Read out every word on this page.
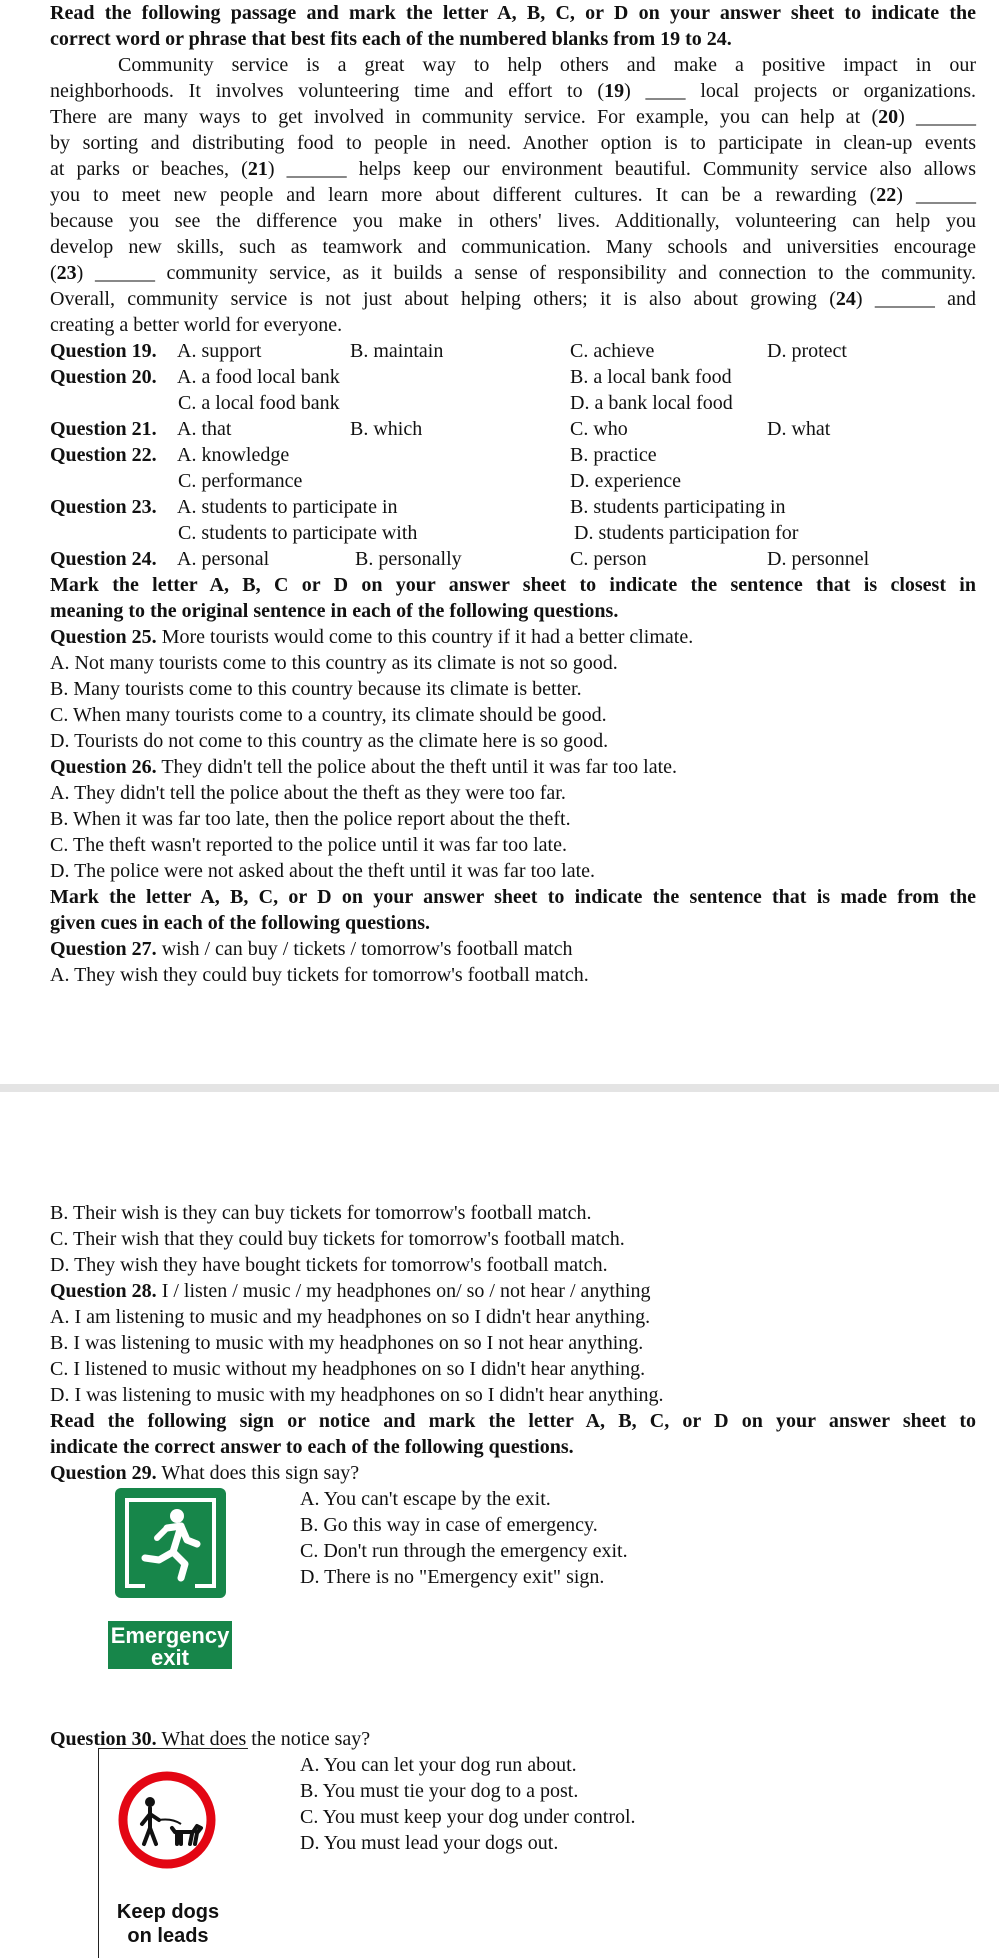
Read the following passage and mark the letter A, B, C, or D on your answer sheet to indicate the
correct word or phrase that best fits each of the numbered blanks from 19 to 24.
Community service is a great way to help others and make a positive impact in our
neighborhoods. It involves volunteering time and effort to (19) ____ local projects or organizations.
There are many ways to get involved in community service. For example, you can help at (20) ______
by sorting and distributing food to people in need. Another option is to participate in clean-up events
at parks or beaches, (21) ______ helps keep our environment beautiful. Community service also allows
you to meet new people and learn more about different cultures. It can be a rewarding (22) ______
because you see the difference you make in others' lives. Additionally, volunteering can help you
develop new skills, such as teamwork and communication. Many schools and universities encourage
(23) ______ community service, as it builds a sense of responsibility and connection to the community.
Overall, community service is not just about helping others; it is also about growing (24) ______ and
creating a better world for everyone.
Question 19. A. support	B. maintain	C. achieve	D. protect
Question 20. A. a food local bank	B. a local bank food
C. a local food bank	D. a bank local food
Question 21. A. that	B. which	C. who	D. what
Question 22. A. knowledge	B. practice
C. performance	D. experience
Question 23. A. students to participate in	B. students participating in
C. students to participate with	D. students participation for
Question 24. A. personal	B. personally	C. person	D. personnel
Mark the letter A, B, C or D on your answer sheet to indicate the sentence that is closest in
meaning to the original sentence in each of the following questions.
Question 25. More tourists would come to this country if it had a better climate.
A. Not many tourists come to this country as its climate is not so good.
B. Many tourists come to this country because its climate is better.
C. When many tourists come to a country, its climate should be good.
D. Tourists do not come to this country as the climate here is so good.
Question 26. They didn't tell the police about the theft until it was far too late.
A. They didn't tell the police about the theft as they were too far.
B. When it was far too late, then the police report about the theft.
C. The theft wasn't reported to the police until it was far too late.
D. The police were not asked about the theft until it was far too late.
Mark the letter A, B, C, or D on your answer sheet to indicate the sentence that is made from the
given cues in each of the following questions.
Question 27. wish / can buy / tickets / tomorrow's football match
A. They wish they could buy tickets for tomorrow's football match.
B. Their wish is they can buy tickets for tomorrow's football match.
C. Their wish that they could buy tickets for tomorrow's football match.
D. They wish they have bought tickets for tomorrow's football match.
Question 28. I / listen / music / my headphones on/ so / not hear / anything
A. I am listening to music and my headphones on so I didn't hear anything.
B. I was listening to music with my headphones on so I not hear anything.
C. I listened to music without my headphones on so I didn't hear anything.
D. I was listening to music with my headphones on so I didn't hear anything.
Read the following sign or notice and mark the letter A, B, C, or D on your answer sheet to
indicate the correct answer to each of the following questions.
Question 29. What does this sign say?
A. You can't escape by the exit.
B. Go this way in case of emergency.
C. Don't run through the emergency exit.
D. There is no "Emergency exit" sign.
Emergency
exit
Question 30. What does the notice say?
A. You can let your dog run about.
B. You must tie your dog to a post.
C. You must keep your dog under control.
D. You must lead your dogs out.
Keep dogs
on leads
